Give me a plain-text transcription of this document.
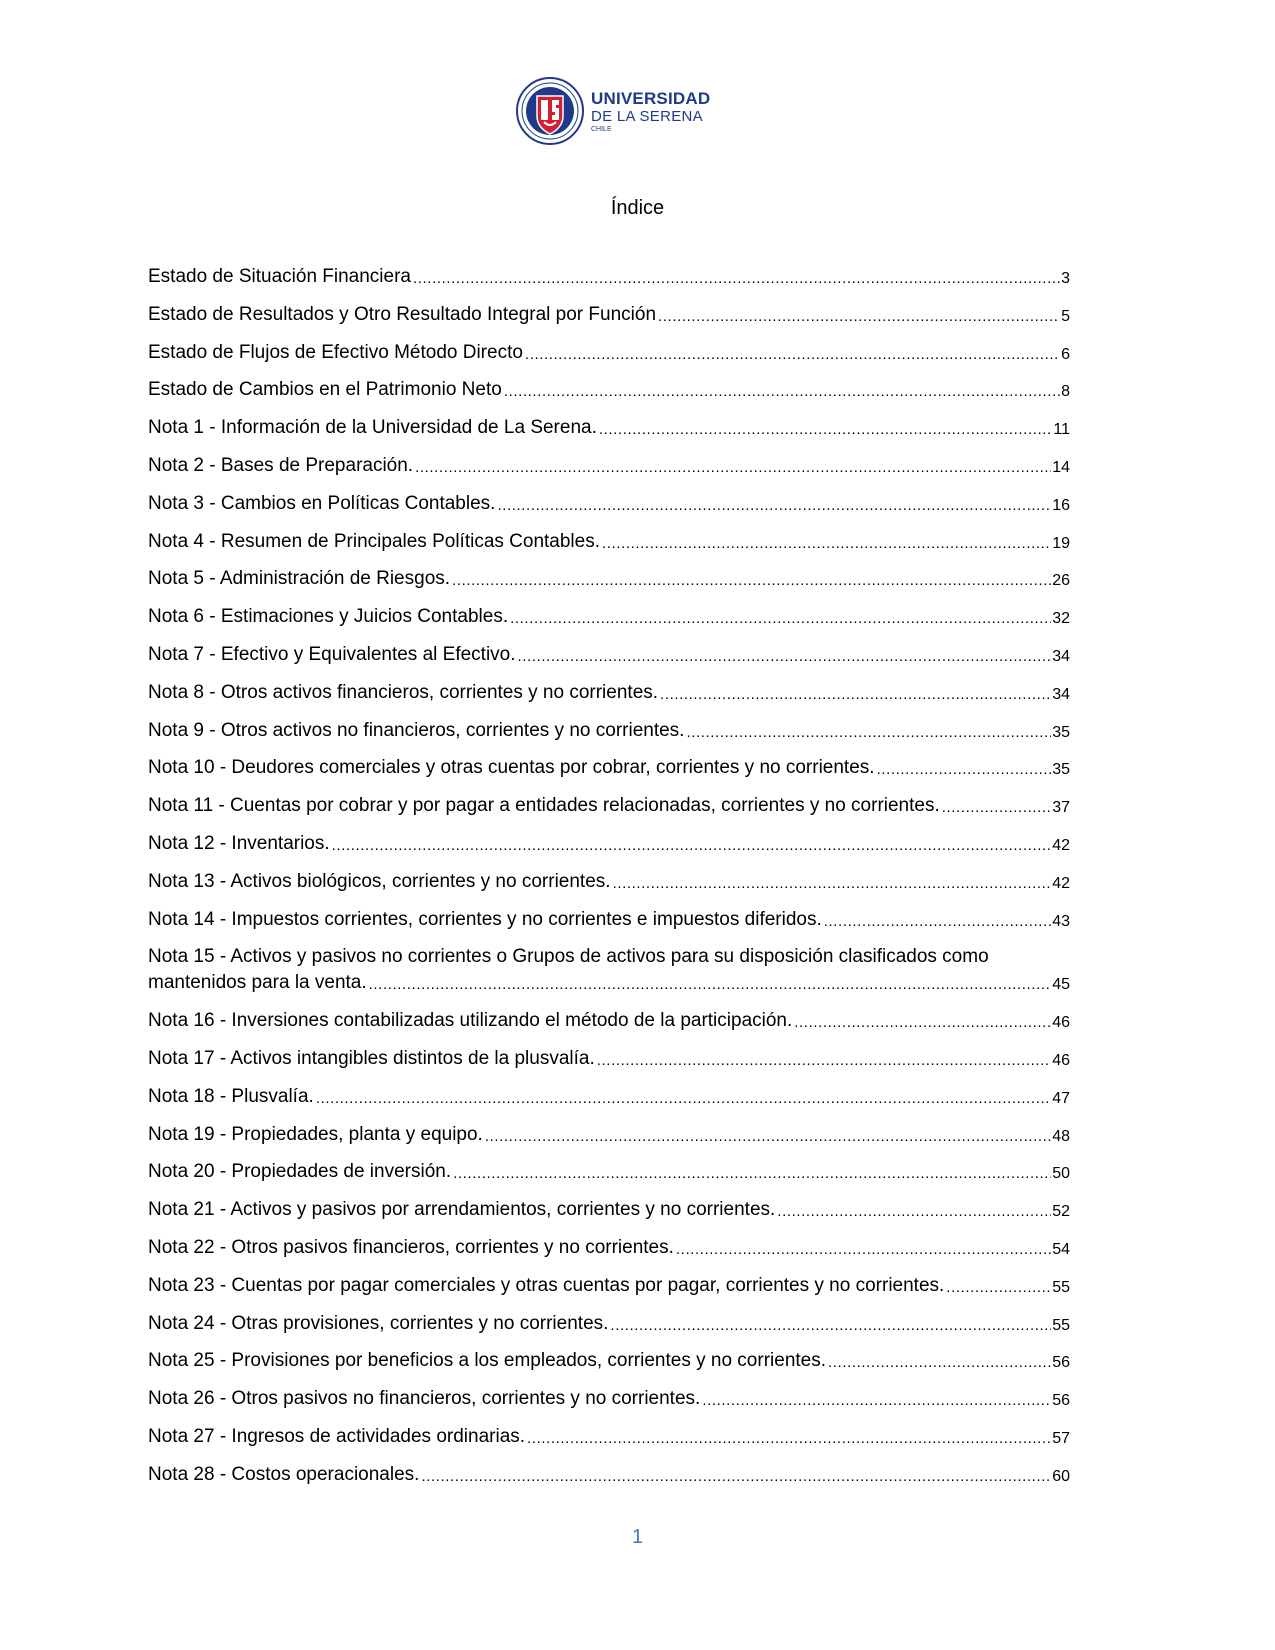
UNIVERSIDAD
DE LA SERENA
CHILE
Índice
Estado de Situación Financiera .....	3
Estado de Resultados y Otro Resultado Integral por Función .....	5
Estado de Flujos de Efectivo Método Directo .....	6
Estado de Cambios en el Patrimonio Neto .....	8
Nota 1 - Información de la Universidad de La Serena. .....	11
Nota 2 - Bases de Preparación. .....	14
Nota 3 - Cambios en Políticas Contables. .....	16
Nota 4 - Resumen de Principales Políticas Contables. .....	19
Nota 5 - Administración de Riesgos. .....	26
Nota 6 - Estimaciones y Juicios Contables. .....	32
Nota 7 - Efectivo y Equivalentes al Efectivo. .....	34
Nota 8 - Otros activos financieros, corrientes y no corrientes. .....	34
Nota 9 - Otros activos no financieros, corrientes y no corrientes. .....	35
Nota 10 - Deudores comerciales y otras cuentas por cobrar, corrientes y no corrientes. .....	35
Nota 11 - Cuentas por cobrar y por pagar a entidades relacionadas, corrientes y no corrientes. .....	37
Nota 12 - Inventarios. .....	42
Nota 13 - Activos biológicos, corrientes y no corrientes. .....	42
Nota 14 - Impuestos corrientes, corrientes y no corrientes e impuestos diferidos. .....	43
Nota 15 - Activos y pasivos no corrientes o Grupos de activos para su disposición clasificados como
mantenidos para la venta. .....	45
Nota 16 - Inversiones contabilizadas utilizando el método de la participación. .....	46
Nota 17 - Activos intangibles distintos de la plusvalía. .....	46
Nota 18 - Plusvalía. .....	47
Nota 19 - Propiedades, planta y equipo. .....	48
Nota 20 - Propiedades de inversión. .....	50
Nota 21 - Activos y pasivos por arrendamientos, corrientes y no corrientes. .....	52
Nota 22 - Otros pasivos financieros, corrientes y no corrientes. .....	54
Nota 23 - Cuentas por pagar comerciales y otras cuentas por pagar, corrientes y no corrientes. .....	55
Nota 24 - Otras provisiones, corrientes y no corrientes. .....	55
Nota 25 - Provisiones por beneficios a los empleados, corrientes y no corrientes. .....	56
Nota 26 - Otros pasivos no financieros, corrientes y no corrientes. .....	56
Nota 27 - Ingresos de actividades ordinarias. .....	57
Nota 28 - Costos operacionales. .....	60
1
